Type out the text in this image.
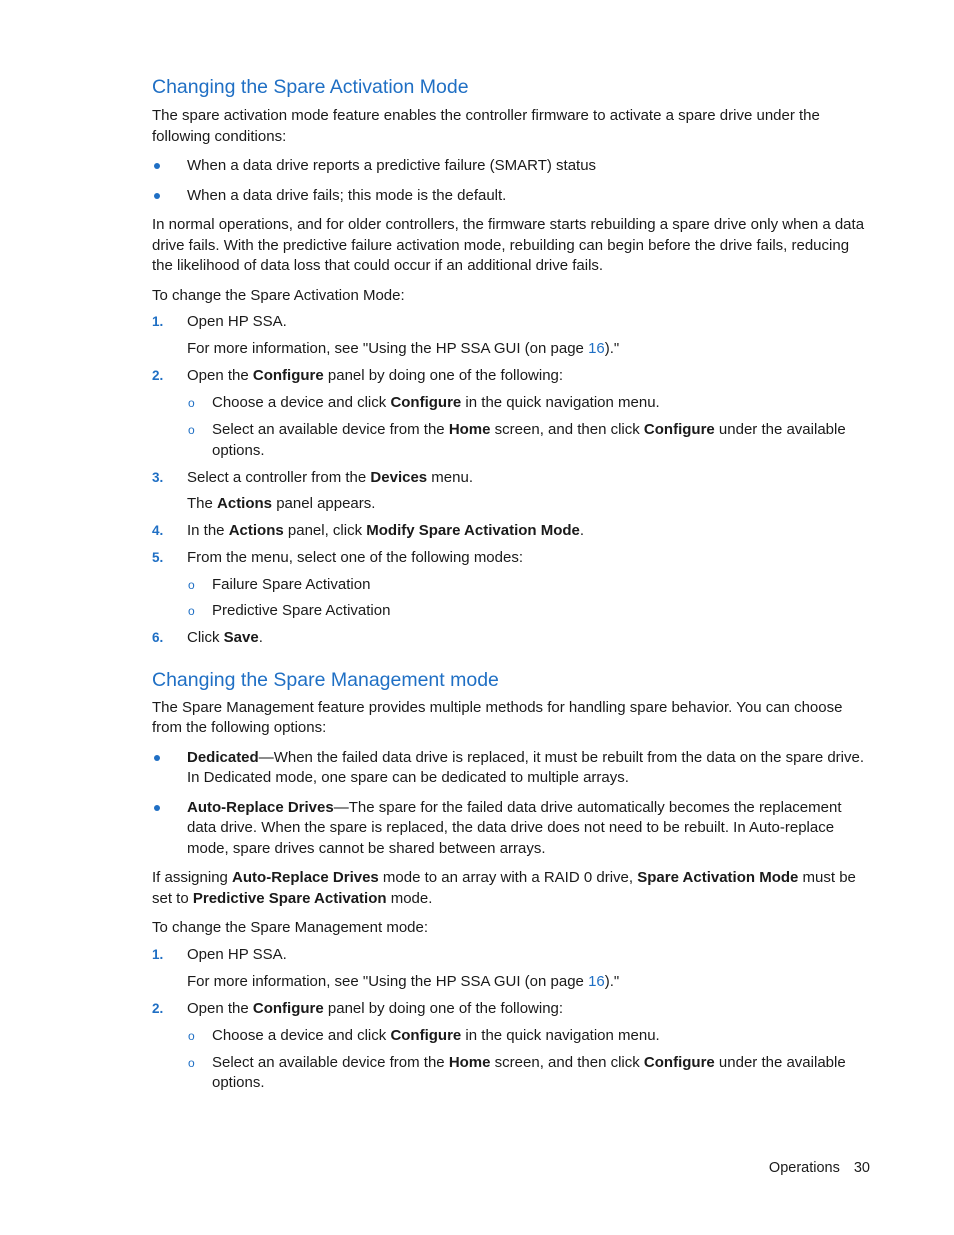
Changing the Spare Activation Mode

The spare activation mode feature enables the controller firmware to activate a spare drive under the following conditions:

When a data drive reports a predictive failure (SMART) status
When a data drive fails; this mode is the default.

In normal operations, and for older controllers, the firmware starts rebuilding a spare drive only when a data drive fails. With the predictive failure activation mode, rebuilding can begin before the drive fails, reducing the likelihood of data loss that could occur if an additional drive fails.

To change the Spare Activation Mode:

1. Open HP SSA.

For more information, see "Using the HP SSA GUI (on page 16)."

2. Open the Configure panel by doing one of the following:
o Choose a device and click Configure in the quick navigation menu.
o Select an available device from the Home screen, and then click Configure under the available options.
3. Select a controller from the Devices menu.

The Actions panel appears.

4. In the Actions panel, click Modify Spare Activation Mode.
5. From the menu, select one of the following modes:
o Failure Spare Activation
o Predictive Spare Activation
6. Click Save.
Changing the Spare Management mode

The Spare Management feature provides multiple methods for handling spare behavior. You can choose from the following options:

Dedicated—When the failed data drive is replaced, it must be rebuilt from the data on the spare drive. In Dedicated mode, one spare can be dedicated to multiple arrays.
Auto-Replace Drives—The spare for the failed data drive automatically becomes the replacement data drive. When the spare is replaced, the data drive does not need to be rebuilt. In Auto-replace mode, spare drives cannot be shared between arrays.

If assigning Auto-Replace Drives mode to an array with a RAID 0 drive, Spare Activation Mode must be set to Predictive Spare Activation mode.

To change the Spare Management mode:

1. Open HP SSA.

For more information, see "Using the HP SSA GUI (on page 16)."

2. Open the Configure panel by doing one of the following:
o Choose a device and click Configure in the quick navigation menu.
o Select an available device from the Home screen, and then click Configure under the available options.
Operations 30
